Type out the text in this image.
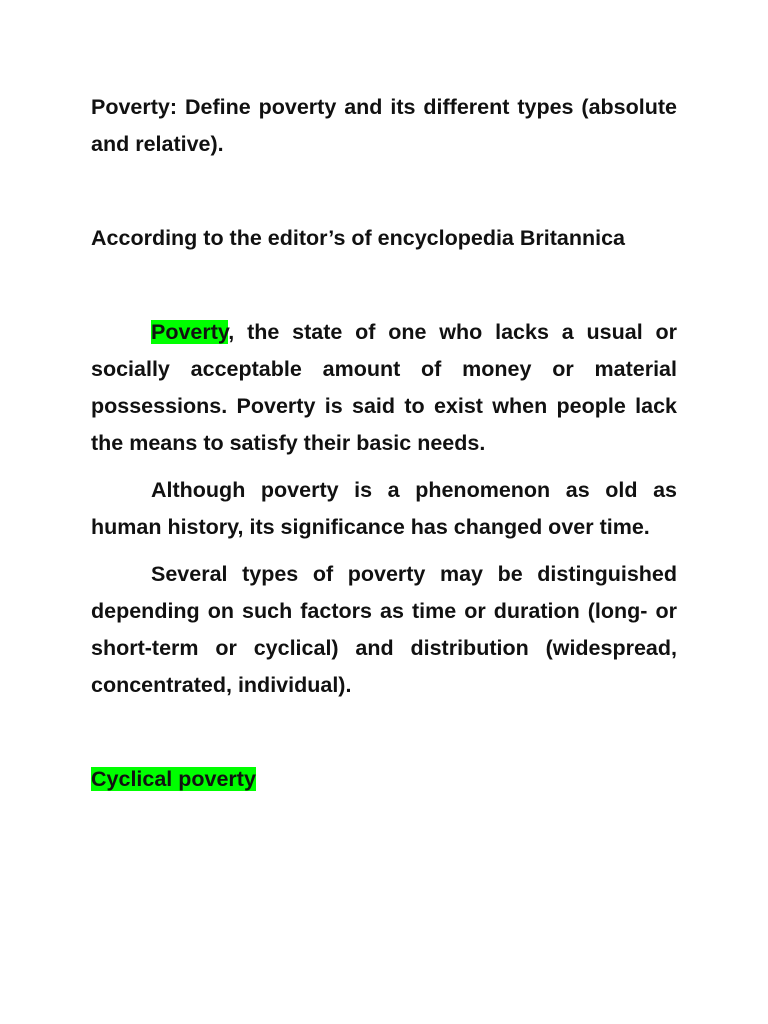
Poverty: Define poverty and its different types (absolute and relative).

According to the editor’s of encyclopedia Britannica

Poverty, the state of one who lacks a usual or socially acceptable amount of money or material possessions. Poverty is said to exist when people lack the means to satisfy their basic needs.

Although poverty is a phenomenon as old as human history, its significance has changed over time.

Several types of poverty may be distinguished depending on such factors as time or duration (long- or short-term or cyclical) and distribution (widespread, concentrated, individual).

Cyclical poverty
